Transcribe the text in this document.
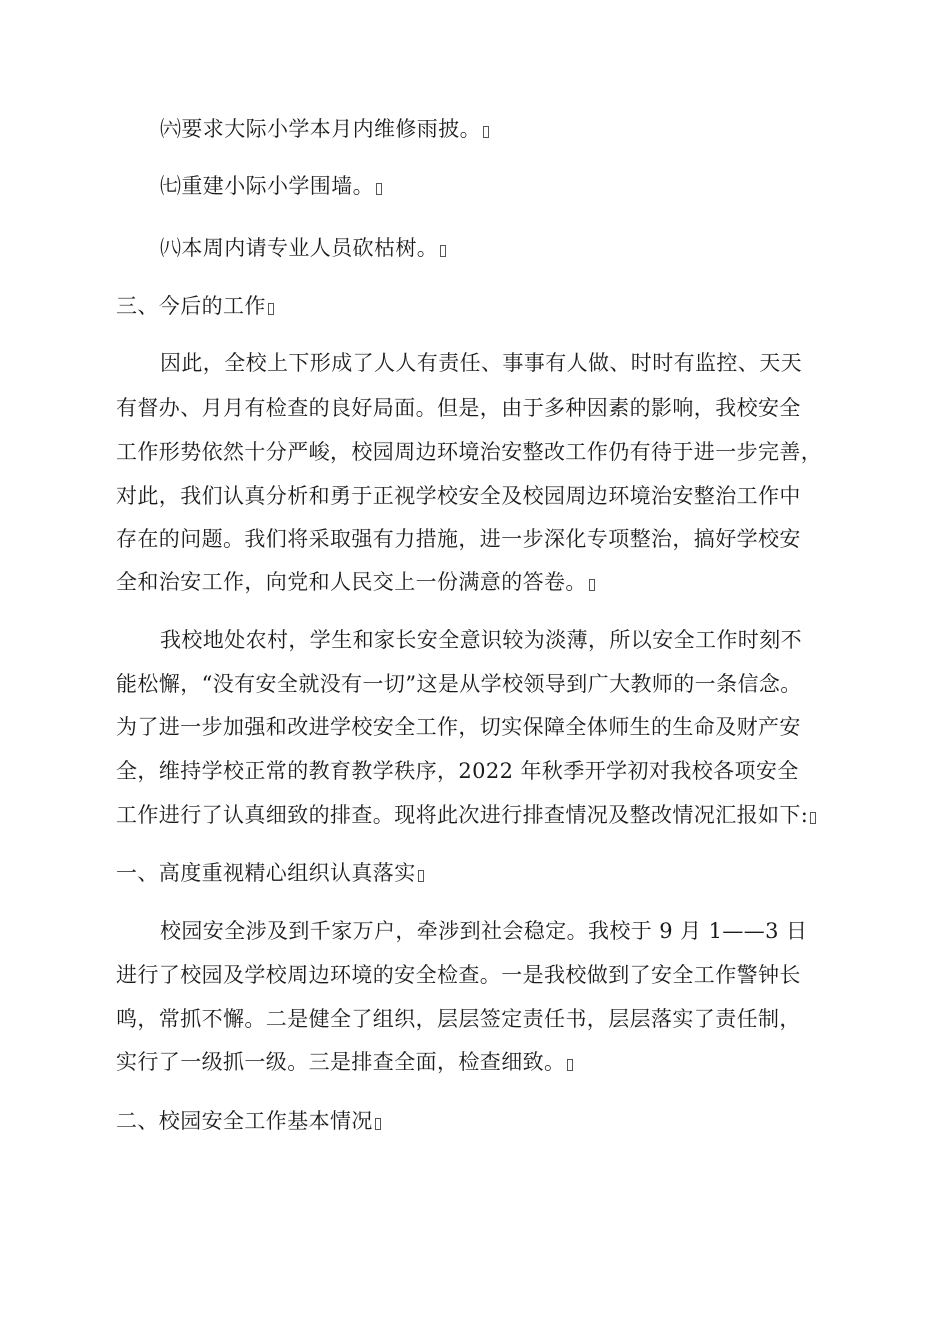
㈥要求大际小学本月内维修雨披。
㈦重建小际小学围墙。
㈧本周内请专业人员砍枯树。
三、今后的工作
因此，全校上下形成了人人有责任、事事有人做、时时有监控、天天
有督办、月月有检查的良好局面。但是，由于多种因素的影响，我校安全
工作形势依然十分严峻，校园周边环境治安整改工作仍有待于进一步完善，
对此，我们认真分析和勇于正视学校安全及校园周边环境治安整治工作中
存在的问题。我们将采取强有力措施，进一步深化专项整治，搞好学校安
全和治安工作，向党和人民交上一份满意的答卷。
我校地处农村，学生和家长安全意识较为淡薄，所以安全工作时刻不
能松懈，“没有安全就没有一切”这是从学校领导到广大教师的一条信念。
为了进一步加强和改进学校安全工作，切实保障全体师生的生命及财产安
全，维持学校正常的教育教学秩序，2022 年秋季开学初对我校各项安全
工作进行了认真细致的排查。现将此次进行排查情况及整改情况汇报如下:
一、高度重视精心组织认真落实
校园安全涉及到千家万户，牵涉到社会稳定。我校于 9 月 1——3 日
进行了校园及学校周边环境的安全检查。一是我校做到了安全工作警钟长
鸣，常抓不懈。二是健全了组织，层层签定责任书，层层落实了责任制，
实行了一级抓一级。三是排查全面，检查细致。
二、校园安全工作基本情况
